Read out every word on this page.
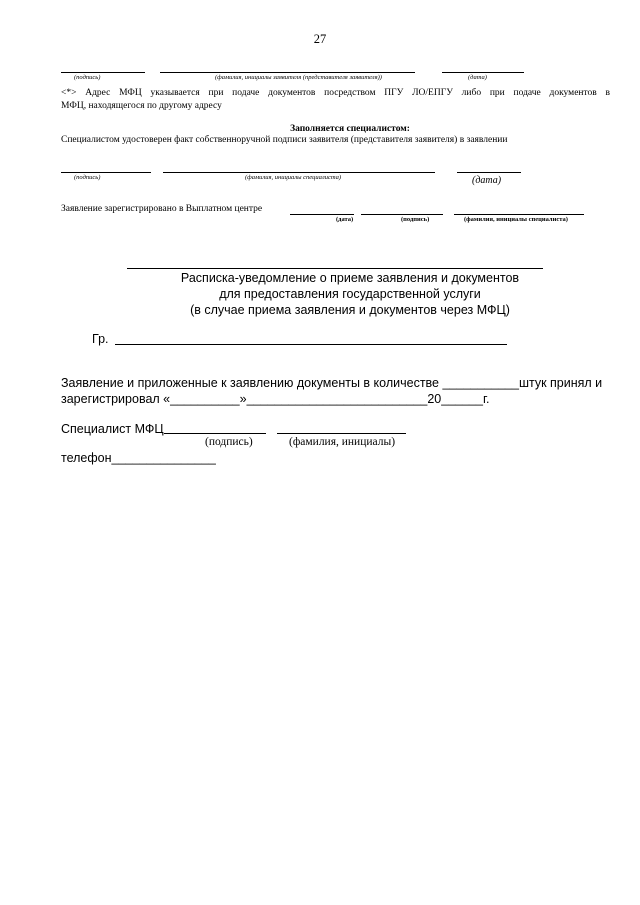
27
(подпись)	(фамилия, инициалы заявителя (представителя заявителя))	(дата)
<*> Адрес МФЦ указывается при подаче документов посредством ПГУ ЛО/ЕПГУ либо при подаче документов в
МФЦ, находящегося по другому адресу
Заполняется специалистом:
Специалистом удостоверен факт собственноручной подписи заявителя (представителя заявителя) в заявлении
(подпись)	(фамилия, инициалы специалиста)	(дата)
Заявление зарегистрировано в Выплатном центре
(дата)	(подпись)	(фамилия, инициалы специалиста)
Расписка-уведомление о приеме заявления и документов
для предоставления государственной услуги
(в случае приема заявления и документов через МФЦ)
Гр.
Заявление и приложенные к заявлению документы в количестве ___________штук принял и
зарегистрировал «__________»__________________________20______г.
Специалист МФЦ
(подпись)	(фамилия, инициалы)
телефон_______________
